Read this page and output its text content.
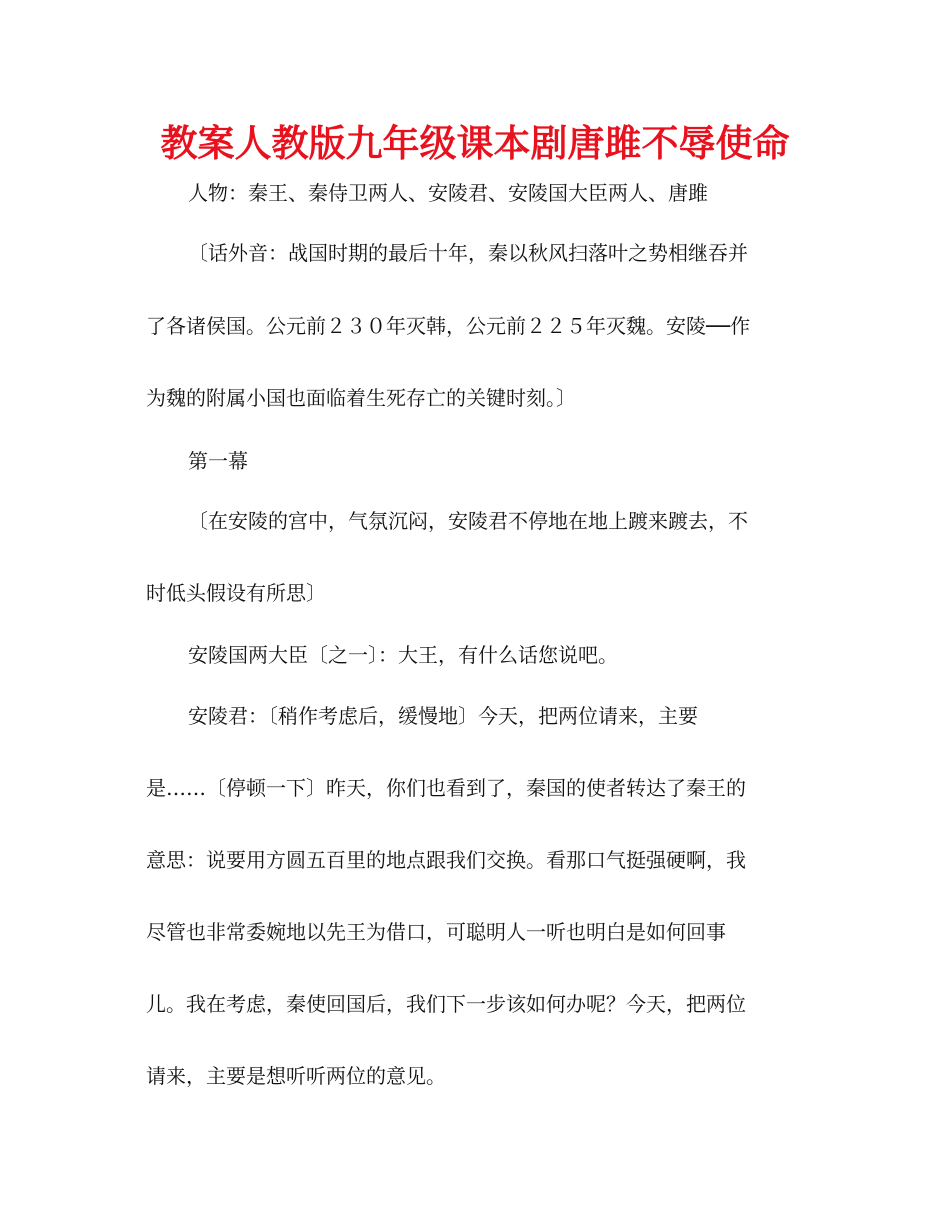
教案人教版九年级课本剧唐雎不辱使命
人物：秦王、秦侍卫两人、安陵君、安陵国大臣两人、唐雎
〔话外音：战国时期的最后十年，秦以秋风扫落叶之势相继吞并
了各诸侯国。公元前２３０年灭韩，公元前２２５年灭魏。安陵──作
为魏的附属小国也面临着生死存亡的关键时刻。〕
第一幕
〔在安陵的宫中，气氛沉闷，安陵君不停地在地上踱来踱去，不
时低头假设有所思〕
安陵国两大臣〔之一〕：大王，有什么话您说吧。
安陵君：〔稍作考虑后，缓慢地〕今天，把两位请来，主要
是……〔停顿一下〕昨天，你们也看到了，秦国的使者转达了秦王的
意思：说要用方圆五百里的地点跟我们交换。看那口气挺强硬啊，我
尽管也非常委婉地以先王为借口，可聪明人一听也明白是如何回事
儿。我在考虑，秦使回国后，我们下一步该如何办呢？今天，把两位
请来，主要是想听听两位的意见。
